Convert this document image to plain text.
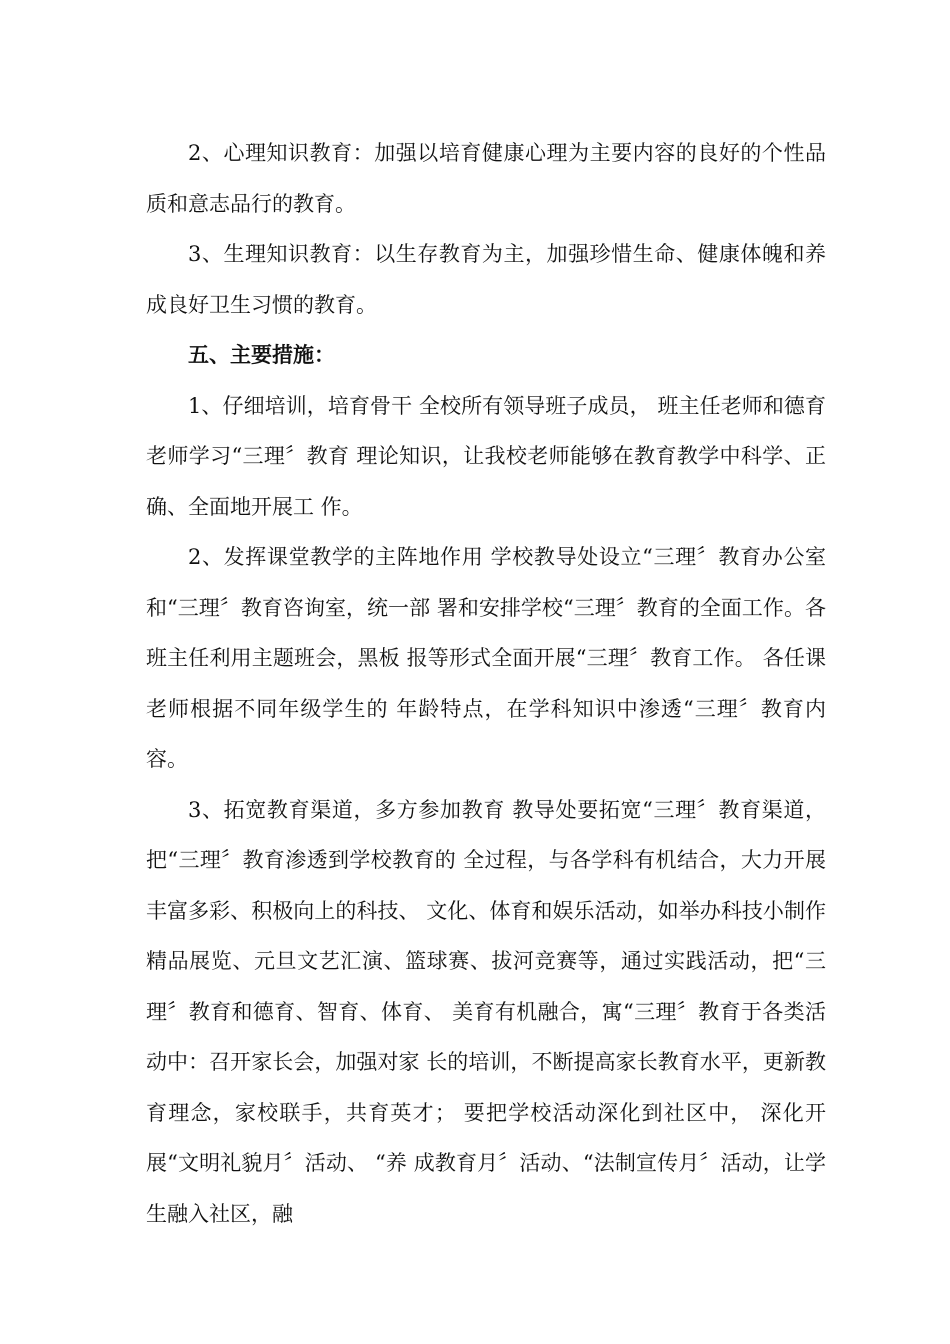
2、心理知识教育：加强以培育健康心理为主要内容的良好的个性品质和意志品行的教育。

3、生理知识教育：以生存教育为主，加强珍惜生命、健康体魄和养成良好卫生习惯的教育。

五、主要措施：

1、仔细培训，培育骨干 全校所有领导班子成员， 班主任老师和德育老师学习“三理〞教育 理论知识，让我校老师能够在教育教学中科学、正确、全面地开展工 作。

2、发挥课堂教学的主阵地作用 学校教导处设立“三理〞教育办公室和“三理〞教育咨询室，统一部 署和安排学校“三理〞教育的全面工作。各班主任利用主题班会，黑板 报等形式全面开展“三理〞教育工作。 各任课老师根据不同年级学生的 年龄特点，在学科知识中渗透“三理〞教育内容。

3、拓宽教育渠道，多方参加教育 教导处要拓宽“三理〞教育渠道，把“三理〞教育渗透到学校教育的 全过程，与各学科有机结合，大力开展丰富多彩、积极向上的科技、 文化、体育和娱乐活动，如举办科技小制作精品展览、元旦文艺汇演、篮球赛、拔河竞赛等，通过实践活动，把“三理〞教育和德育、智育、体育、 美育有机融合，寓“三理〞教育于各类活动中：召开家长会，加强对家 长的培训，不断提高家长教育水平，更新教育理念，家校联手，共育英才； 要把学校活动深化到社区中， 深化开展“文明礼貌月〞活动、 “养 成教育月〞活动、“法制宣传月〞活动，让学生融入社区，融
